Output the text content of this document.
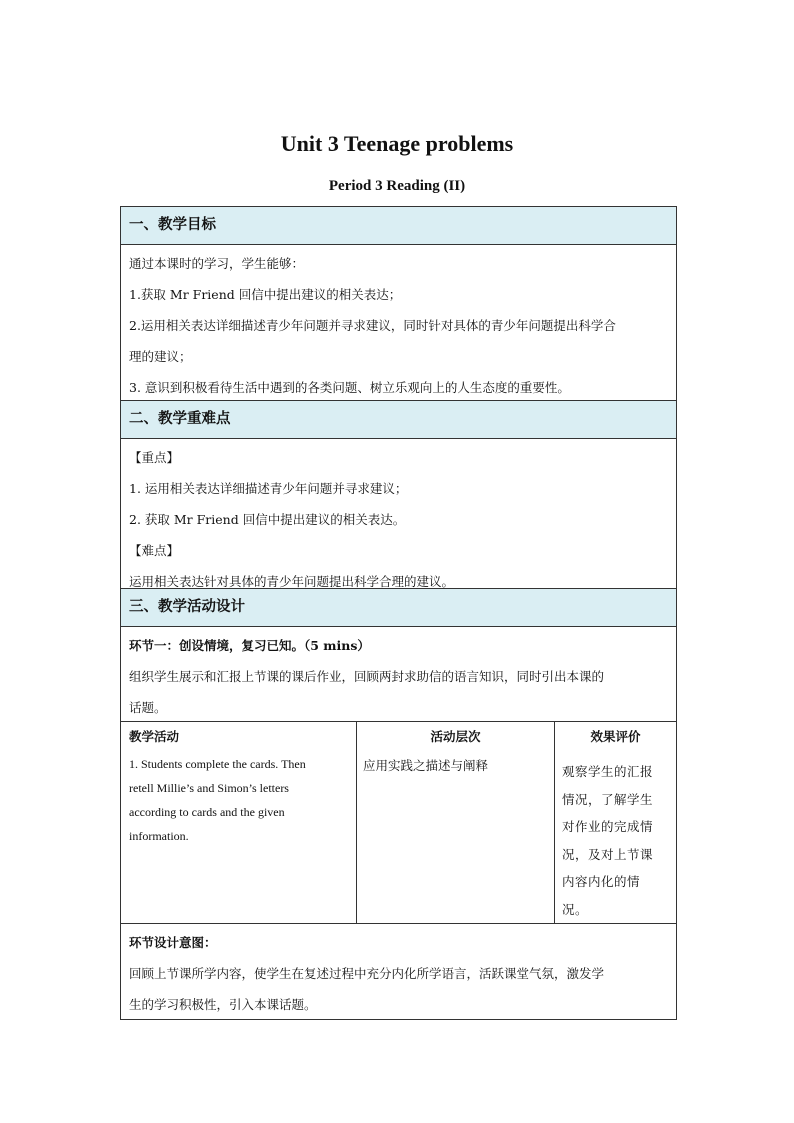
Unit 3 Teenage problems
Period 3 Reading (II)
一、教学目标
通过本课时的学习，学生能够：
1.获取 Mr Friend 回信中提出建议的相关表达；
2.运用相关表达详细描述青少年问题并寻求建议，同时针对具体的青少年问题提出科学合
理的建议；
3. 意识到积极看待生活中遇到的各类问题、树立乐观向上的人生态度的重要性。
二、教学重难点
【重点】
1. 运用相关表达详细描述青少年问题并寻求建议；
2. 获取 Mr Friend 回信中提出建议的相关表达。
【难点】
运用相关表达针对具体的青少年问题提出科学合理的建议。
三、教学活动设计
环节一：创设情境，复习已知。（5 mins）
组织学生展示和汇报上节课的课后作业，回顾两封求助信的语言知识，同时引出本课的
话题。
教学活动
1. Students complete the cards. Then
retell Millie’s and Simon’s letters
according to cards and the given
information.
活动层次
应用实践之描述与阐释
效果评价
观察学生的汇报
情况，了解学生
对作业的完成情
况，及对上节课
内容内化的情
况。
环节设计意图：
回顾上节课所学内容，使学生在复述过程中充分内化所学语言，活跃课堂气氛，激发学
生的学习积极性，引入本课话题。
